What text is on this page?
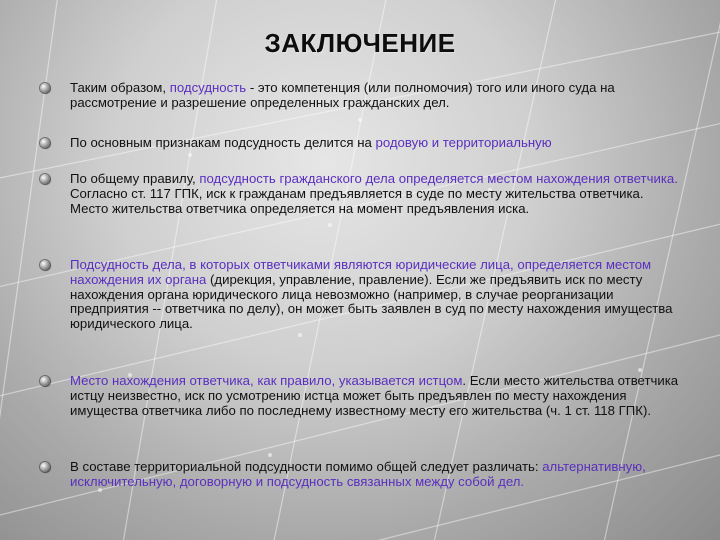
ЗАКЛЮЧЕНИЕ

Таким образом, подсудность - это компетенция (или полномочия) того или иного суда на рассмотрение и разрешение определенных гражданских дел.

По основным признакам подсудность делится на родовую и территориальную

По общему правилу, подсудность гражданского дела определяется местом нахождения ответчика. Согласно ст. 117 ГПК, иск к гражданам предъявляется в суде по месту жительства ответчика. Место жительства ответчика определяется на момент предъявления иска.

Подсудность дела, в которых ответчиками являются юридические лица, определяется местом нахождения их органа (дирекция, управление, правление). Если же предъявить иск по месту нахождения органа юридического лица невозможно (например, в случае реорганизации предприятия -- ответчика по делу), он может быть заявлен в суд по месту нахождения имущества юридического лица.

Место нахождения ответчика, как правило, указывается истцом. Если место жительства ответчика истцу неизвестно, иск по усмотрению истца может быть предъявлен по месту нахождения имущества ответчика либо по последнему известному месту его жительства (ч. 1 ст. 118 ГПК).

В составе территориальной подсудности помимо общей следует различать: альтернативную, исключительную, договорную и подсудность связанных между собой дел.
